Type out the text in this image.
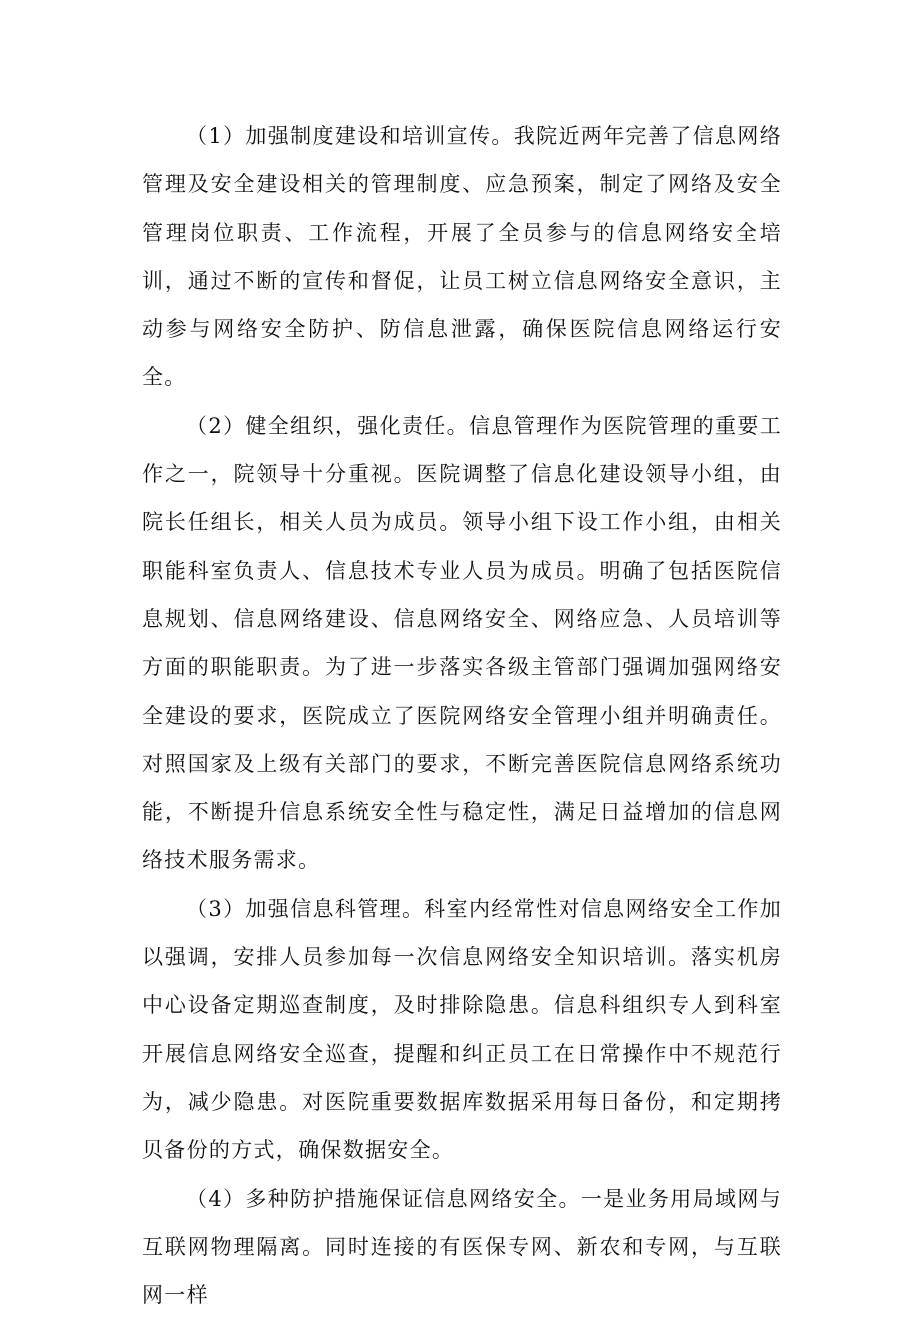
（1）加强制度建设和培训宣传。我院近两年完善了信息网络管理及安全建设相关的管理制度、应急预案，制定了网络及安全管理岗位职责、工作流程，开展了全员参与的信息网络安全培训，通过不断的宣传和督促，让员工树立信息网络安全意识，主动参与网络安全防护、防信息泄露，确保医院信息网络运行安全。

（2）健全组织，强化责任。信息管理作为医院管理的重要工作之一，院领导十分重视。医院调整了信息化建设领导小组，由院长任组长，相关人员为成员。领导小组下设工作小组，由相关职能科室负责人、信息技术专业人员为成员。明确了包括医院信息规划、信息网络建设、信息网络安全、网络应急、人员培训等方面的职能职责。为了进一步落实各级主管部门强调加强网络安全建设的要求，医院成立了医院网络安全管理小组并明确责任。对照国家及上级有关部门的要求，不断完善医院信息网络系统功能，不断提升信息系统安全性与稳定性，满足日益增加的信息网络技术服务需求。

（3）加强信息科管理。科室内经常性对信息网络安全工作加以强调，安排人员参加每一次信息网络安全知识培训。落实机房中心设备定期巡查制度，及时排除隐患。信息科组织专人到科室开展信息网络安全巡查，提醒和纠正员工在日常操作中不规范行为，减少隐患。对医院重要数据库数据采用每日备份，和定期拷贝备份的方式，确保数据安全。

（4）多种防护措施保证信息网络安全。一是业务用局域网与互联网物理隔离。同时连接的有医保专网、新农和专网，与互联网一样
